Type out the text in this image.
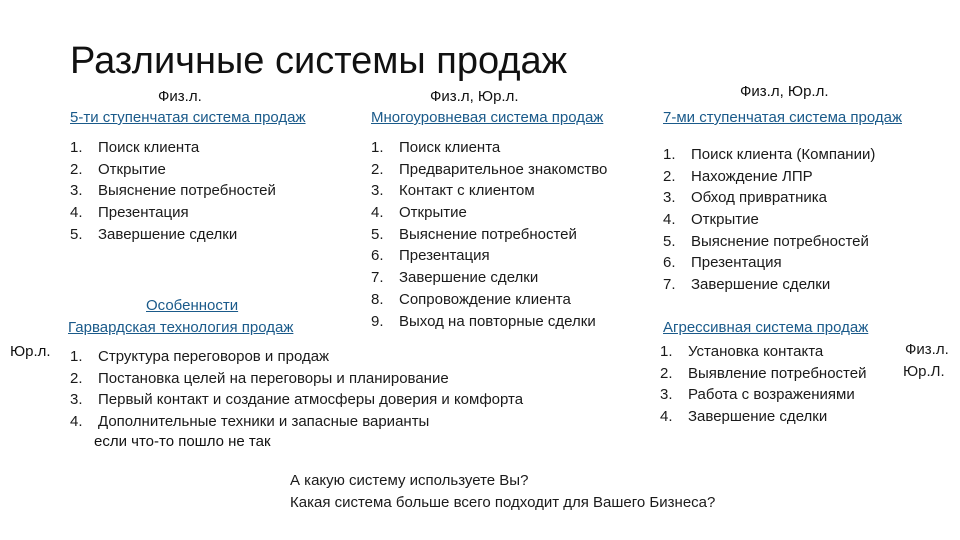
Различные системы продаж
Физ.л.
5-ти ступенчатая система продаж
1. Поиск клиента
2. Открытие
3. Выяснение потребностей
4. Презентация
5. Завершение сделки
Физ.л, Юр.л.
Многоуровневая система продаж
1. Поиск клиента
2. Предварительное знакомство
3. Контакт с клиентом
4. Открытие
5. Выяснение потребностей
6. Презентация
7. Завершение сделки
8. Сопровождение клиента
9. Выход на повторные сделки
Физ.л, Юр.л.
7-ми ступенчатая система продаж
1. Поиск клиента (Компании)
2. Нахождение ЛПР
3. Обход привратника
4. Открытие
5. Выяснение потребностей
6. Презентация
7. Завершение сделки
Особенности
Гарвардская технология продаж
Юр.л. 1. Структура переговоров и продаж
2. Постановка целей на переговоры и планирование
3. Первый контакт и создание атмосферы доверия и комфорта
4. Дополнительные техники и запасные варианты
если что-то пошло не так
Агрессивная система продаж
1. Установка контакта
2. Выявление потребностей
3. Работа с возражениями
4. Завершение сделки
Физ.л.
Юр.Л.
А какую систему используете Вы?
Какая система больше всего подходит для Вашего Бизнеса?
